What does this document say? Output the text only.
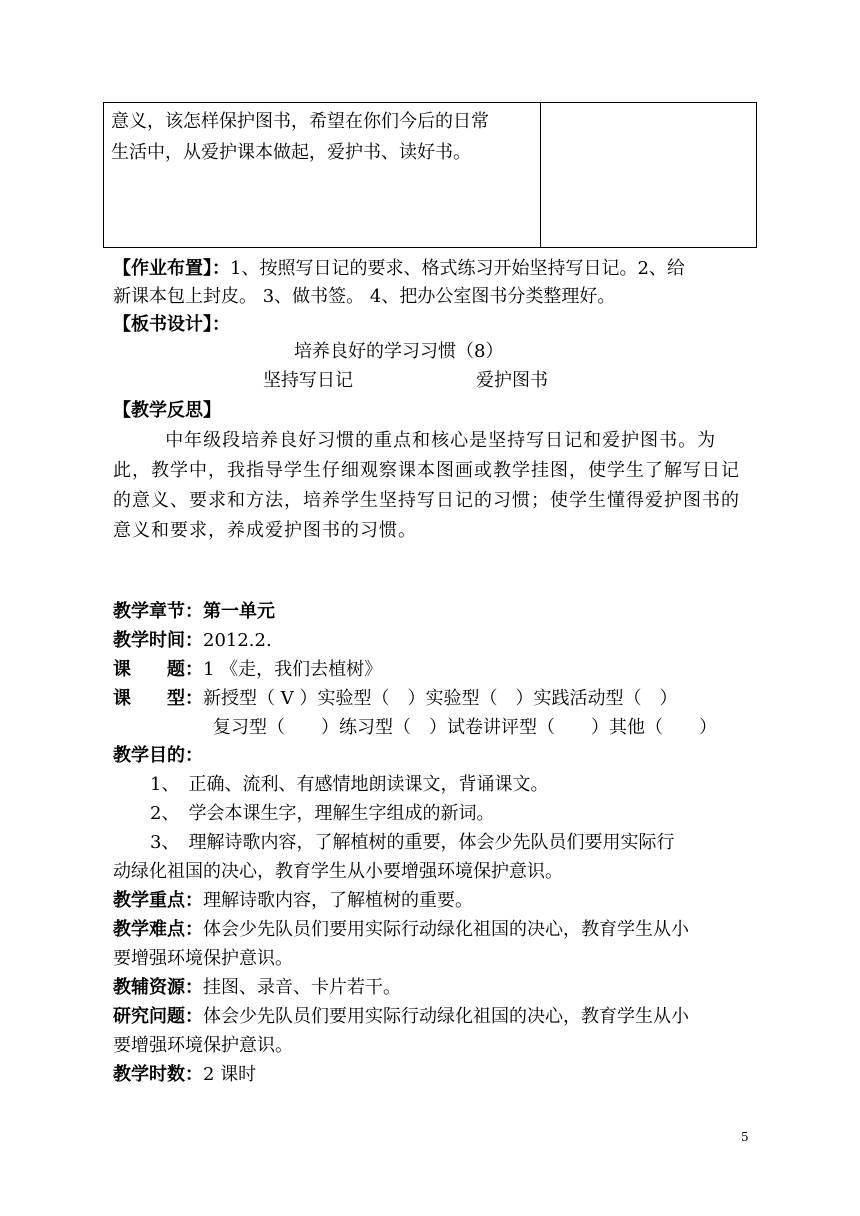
意义，该怎样保护图书，希望在你们今后的日常
生活中，从爱护课本做起，爱护书、读好书。
【作业布置】：1、按照写日记的要求、格式练习开始坚持写日记。2、给
新课本包上封皮。 3、做书签。 4、把办公室图书分类整理好。
【板书设计】：
培养良好的学习习惯（8）
坚持写日记	爱护图书
【教学反思】
中年级段培养良好习惯的重点和核心是坚持写日记和爱护图书。为此，教学中，我指导学生仔细观察课本图画或教学挂图，使学生了解写日记的意义、要求和方法，培养学生坚持写日记的习惯；使学生懂得爱护图书的意义和要求，养成爱护图书的习惯。
教学章节：第一单元
教学时间：2012.2.
课　　题：1 《走，我们去植树》
课　　型：新授型（ V ）实验型（　）实验型（　）实践活动型（　）
复习型（　　）练习型（　）试卷讲评型（　　）其他（　　）
教学目的：
1、　正确、流利、有感情地朗读课文，背诵课文。
2、　学会本课生字，理解生字组成的新词。
3、　理解诗歌内容，了解植树的重要，体会少先队员们要用实际行
动绿化祖国的决心，教育学生从小要增强环境保护意识。
教学重点：理解诗歌内容，了解植树的重要。
教学难点：体会少先队员们要用实际行动绿化祖国的决心，教育学生从小
要增强环境保护意识。
教辅资源：挂图、录音、卡片若干。
研究问题：体会少先队员们要用实际行动绿化祖国的决心，教育学生从小
要增强环境保护意识。
教学时数：2 课时
5
